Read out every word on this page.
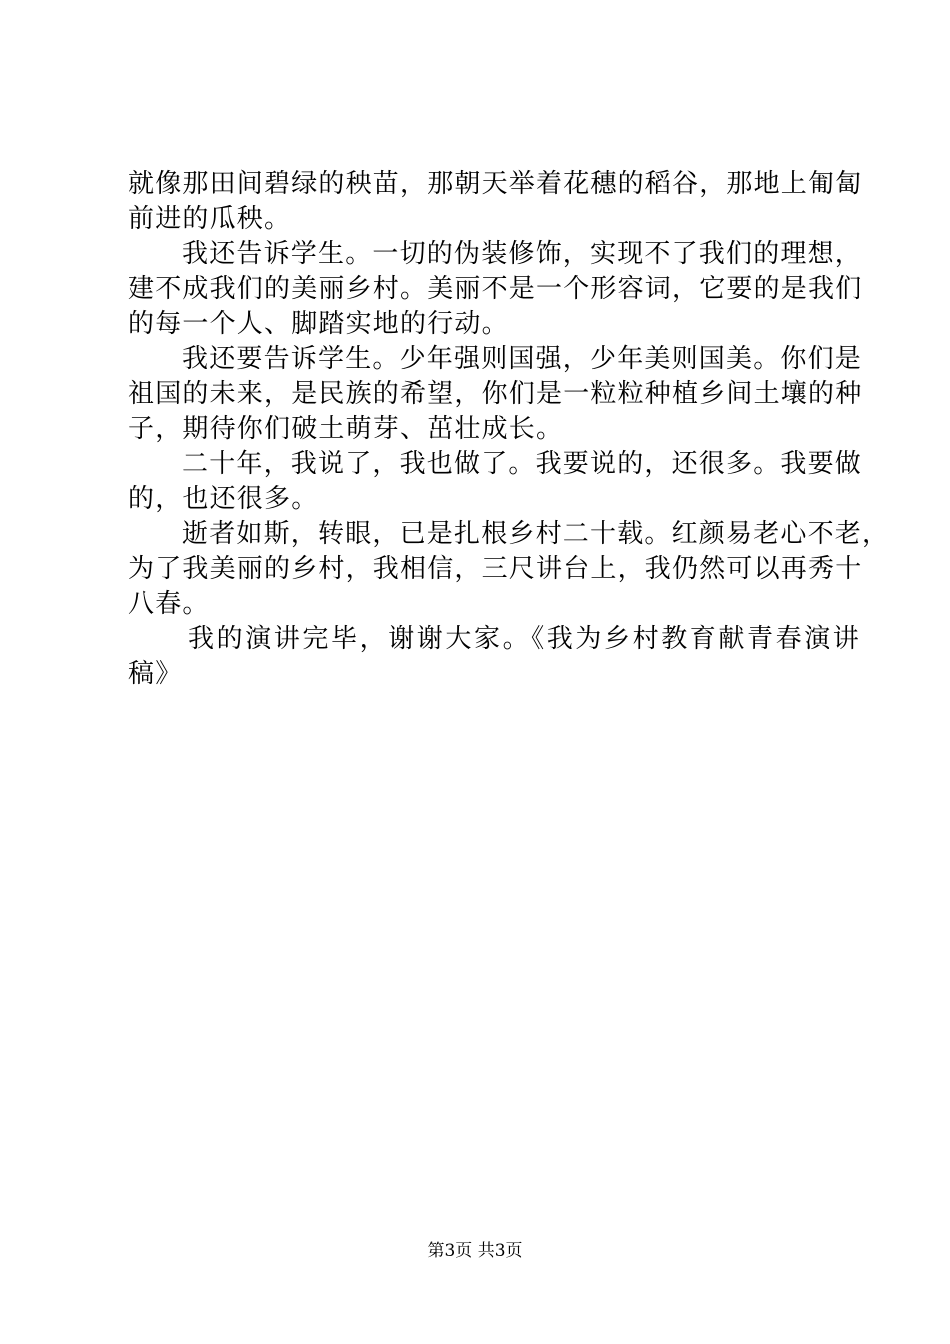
就像那田间碧绿的秧苗，那朝天举着花穗的稻谷，那地上匍匐
前进的瓜秧。
我还告诉学生。一切的伪装修饰，实现不了我们的理想，
建不成我们的美丽乡村。美丽不是一个形容词，它要的是我们
的每一个人、脚踏实地的行动。
我还要告诉学生。少年强则国强，少年美则国美。你们是
祖国的未来，是民族的希望，你们是一粒粒种植乡间土壤的种
子，期待你们破土萌芽、茁壮成长。
二十年，我说了，我也做了。我要说的，还很多。我要做
的，也还很多。
逝者如斯，转眼，已是扎根乡村二十载。红颜易老心不老，
为了我美丽的乡村，我相信，三尺讲台上，我仍然可以再秀十
八春。
我的演讲完毕，谢谢大家。《我为乡村教育献青春演讲
稿》
第3页 共3页
